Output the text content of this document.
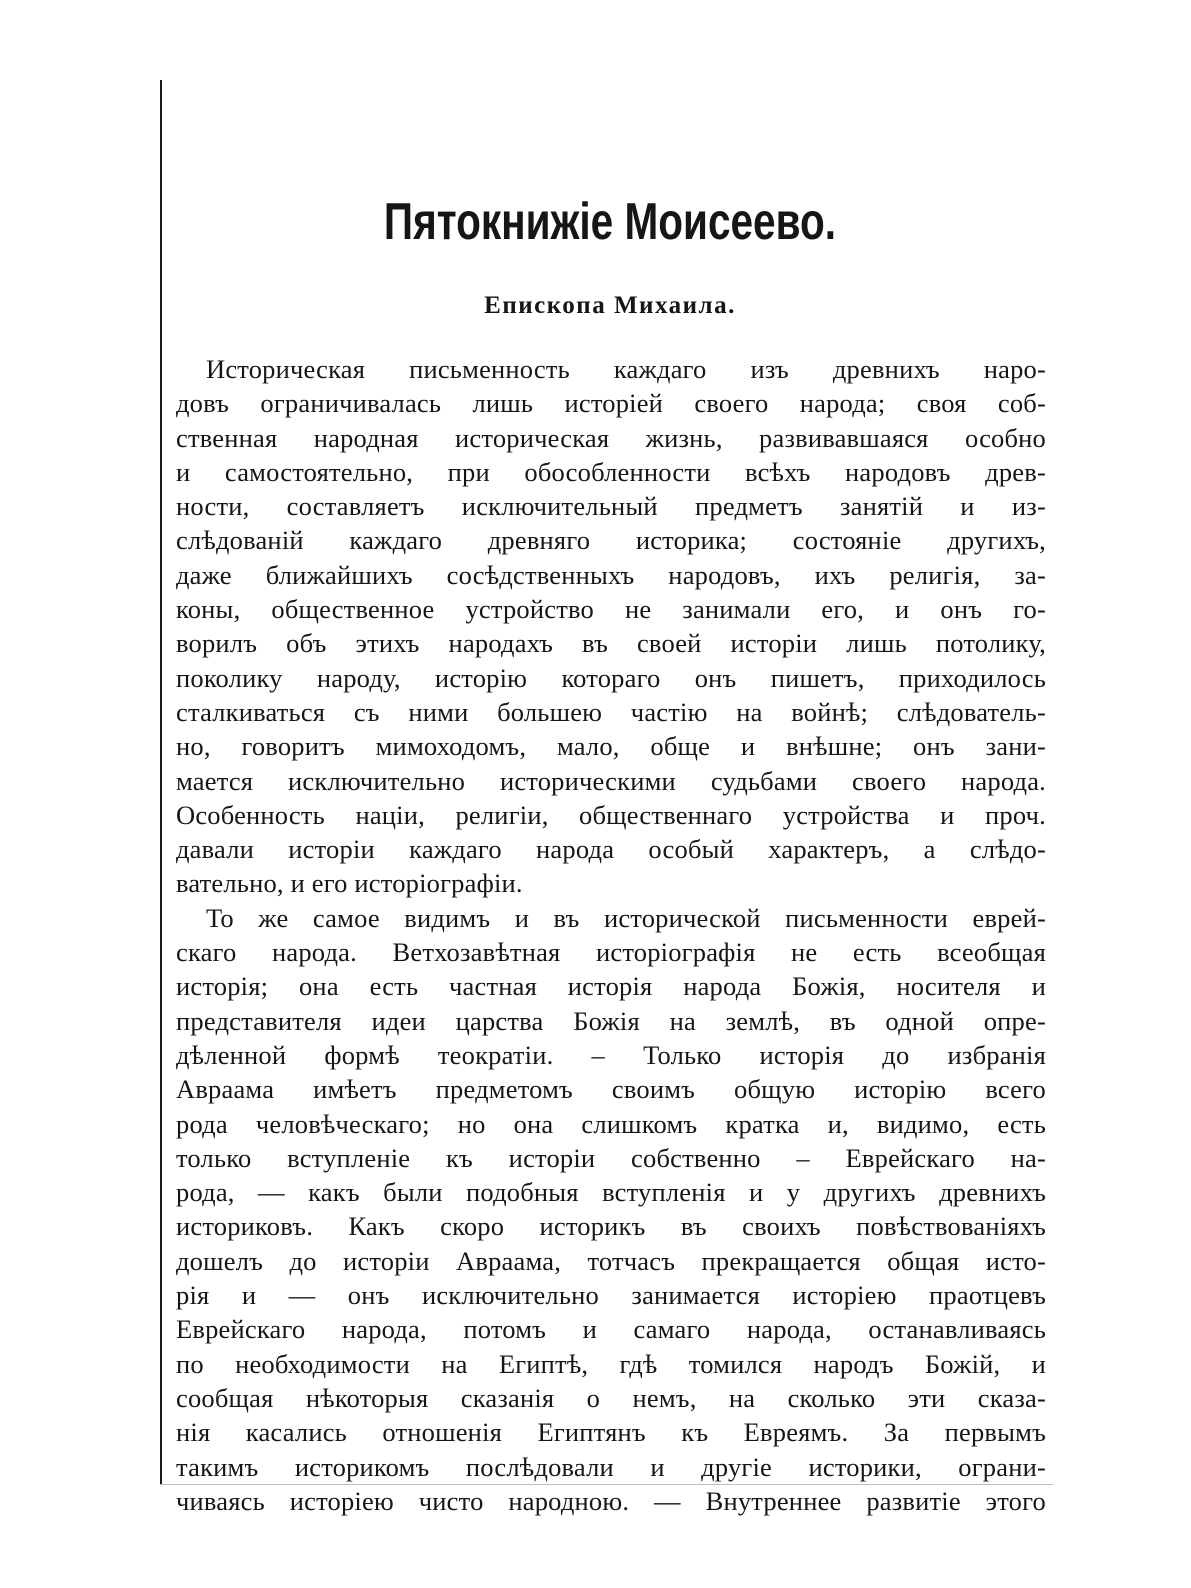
Пятокнижіе Моисеево.
Епископа Михаила.
Историческая письменность каждаго изъ древнихъ наро-
довъ ограничивалась лишь исторіей своего народа; своя соб-
ственная народная историческая жизнь, развивавшаяся особно
и самостоятельно, при обособленности всѣхъ народовъ древ-
ности, составляетъ исключительный предметъ занятій и из-
слѣдованій каждаго древняго историка; состояніе другихъ,
даже ближайшихъ сосѣдственныхъ народовъ, ихъ религія, за-
коны, общественное устройство не занимали его, и онъ го-
ворилъ объ этихъ народахъ въ своей исторіи лишь потолику,
поколику народу, исторію котораго онъ пишетъ, приходилось
сталкиваться съ ними большею частію на войнѣ; слѣдователь-
но, говоритъ мимоходомъ, мало, обще и внѣшне; онъ зани-
мается исключительно историческими судьбами своего народа.
Особенность націи, религіи, общественнаго устройства и проч.
давали исторіи каждаго народа особый характеръ, а слѣдо-
вательно, и его исторіографіи.
То же самое видимъ и въ исторической письменности еврей-
скаго народа. Ветхозавѣтная исторіографія не есть всеобщая
исторія; она есть частная исторія народа Божія, носителя и
представителя идеи царства Божія на землѣ, въ одной опре-
дѣленной формѣ теократіи. – Только исторія до избранія
Авраама имѣетъ предметомъ своимъ общую исторію всего
рода человѣческаго; но она слишкомъ кратка и, видимо, есть
только вступленіе къ исторіи собственно – Еврейскаго на-
рода, — какъ были подобныя вступленія и у другихъ древнихъ
историковъ. Какъ скоро историкъ въ своихъ повѣствованіяхъ
дошелъ до исторіи Авраама, тотчасъ прекращается общая исто-
рія и — онъ исключительно занимается исторіею праотцевъ
Еврейскаго народа, потомъ и самаго народа, останавливаясь
по необходимости на Египтѣ, гдѣ томился народъ Божій, и
сообщая нѣкоторыя сказанія о немъ, на сколько эти сказа-
нія касались отношенія Египтянъ къ Евреямъ. За первымъ
такимъ историкомъ послѣдовали и другіе историки, ограни-
чиваясь исторіею чисто народною. — Внутреннее развитіе этого
